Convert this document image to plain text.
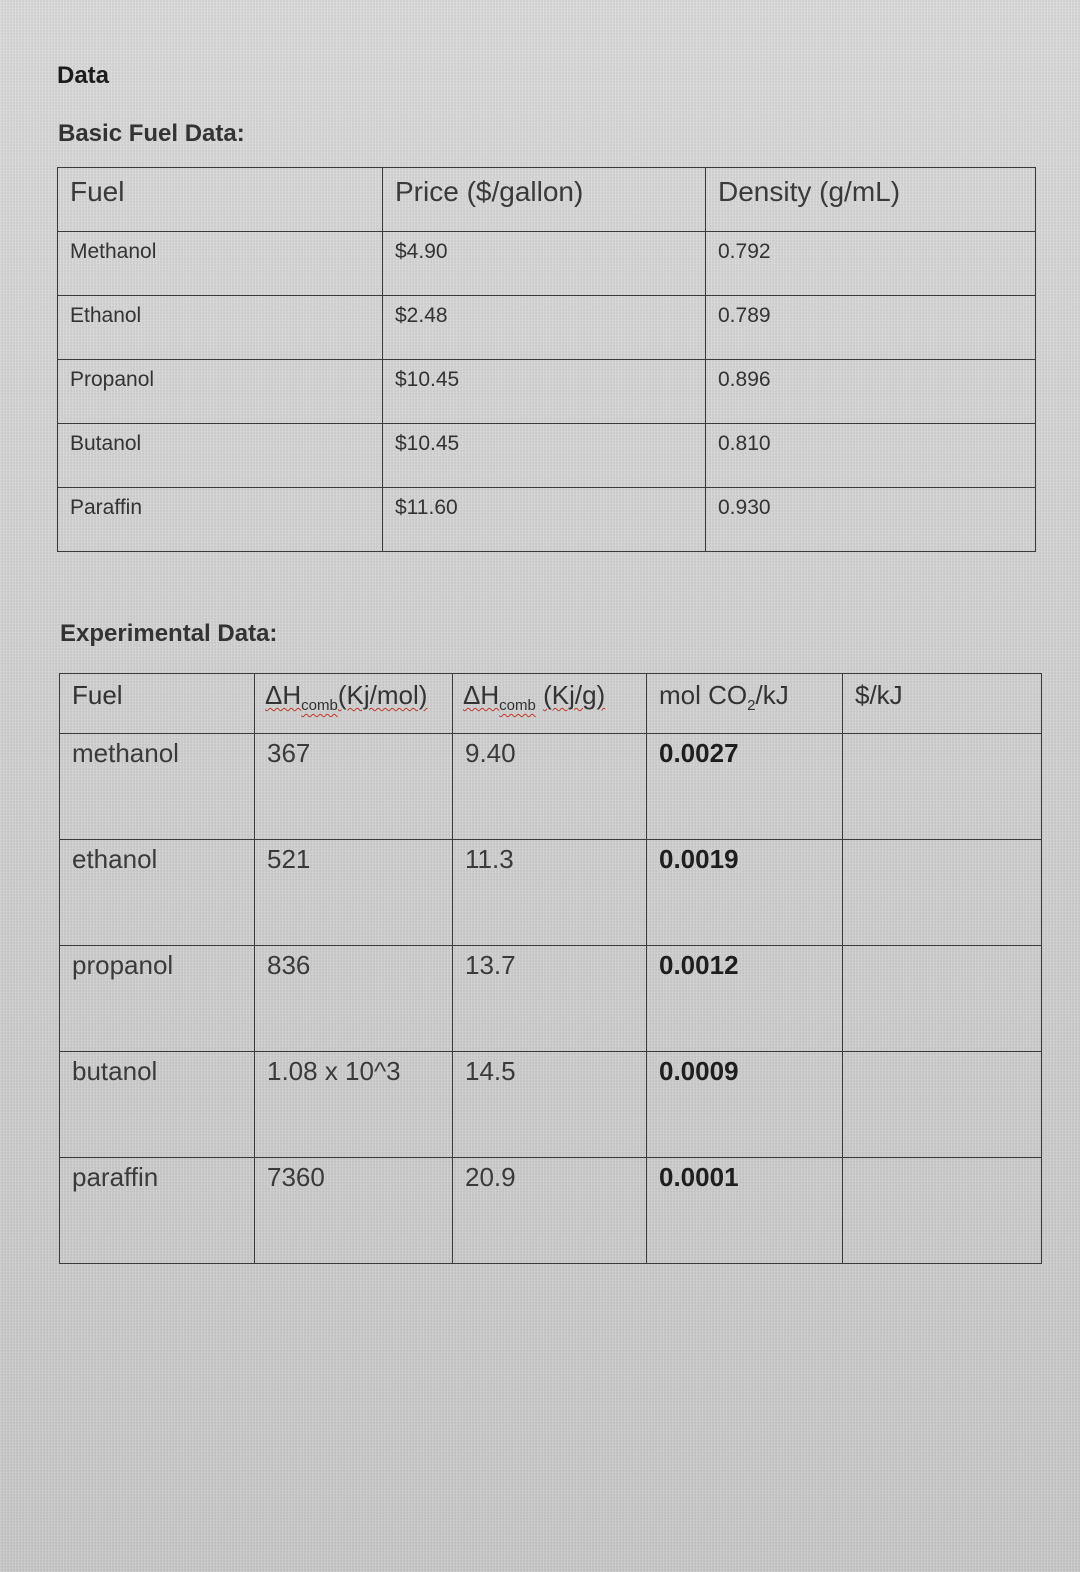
Data
Basic Fuel Data:
Fuel	Price ($/gallon)	Density (g/mL)
Methanol	$4.90	0.792
Ethanol	$2.48	0.789
Propanol	$10.45	0.896
Butanol	$10.45	0.810
Paraffin	$11.60	0.930
Experimental Data:
Fuel	$\Delta H_{comb}(Kj/mol)$	$\Delta H_{comb}$ (Kj/g)	mol $CO_2/kJ$	$/kJ
methanol	367	9.40	0.0027	
ethanol	521	11.3	0.0019	
propanol	836	13.7	0.0012	
butanol	1.08 x 10^3	14.5	0.0009	
paraffin	7360	20.9	0.0001	
